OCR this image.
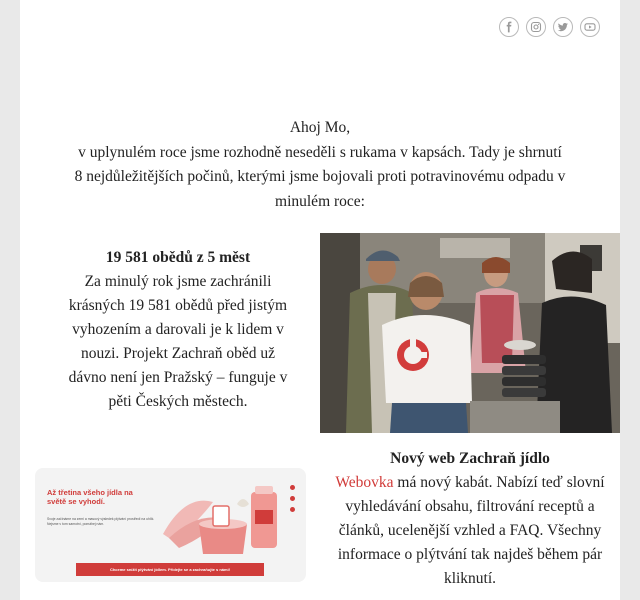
Ahoj Mo,

v uplynulém roce jsme rozhodně neseděli s rukama v kapsách. Tady je shrnutí

8 nejdůležitějších počinů, kterými jsme bojovali proti potravinovému odpadu v

minulém roce:

19 581 obědů z 5 měst

Za minulý rok jsme zachránili krásných 19 581 obědů před jistým vyhozením a darovali je k lidem v nouzi. Projekt Zachraň oběd už dávno není jen Pražský – funguje v pěti Českých městech.

Nový web Zachraň jídlo

Webovka má nový kabát. Nabízí teď slovní vyhledávání obsahu, filtrování receptů a článků, ucelenější vzhled a FAQ. Všechny informace o plýtvání tak najdeš během pár kliknutí.

Až třetina všeho jídla na světě se vyhodí.
Svoje začínáme na zemi a masový výsledek plýtvání prostředí na uhlík. Nejsme v tom samotní, pomáhej nám.
Chceme snížit plýtvání jídlem. Přidejte se a zachraňujte s námi!
